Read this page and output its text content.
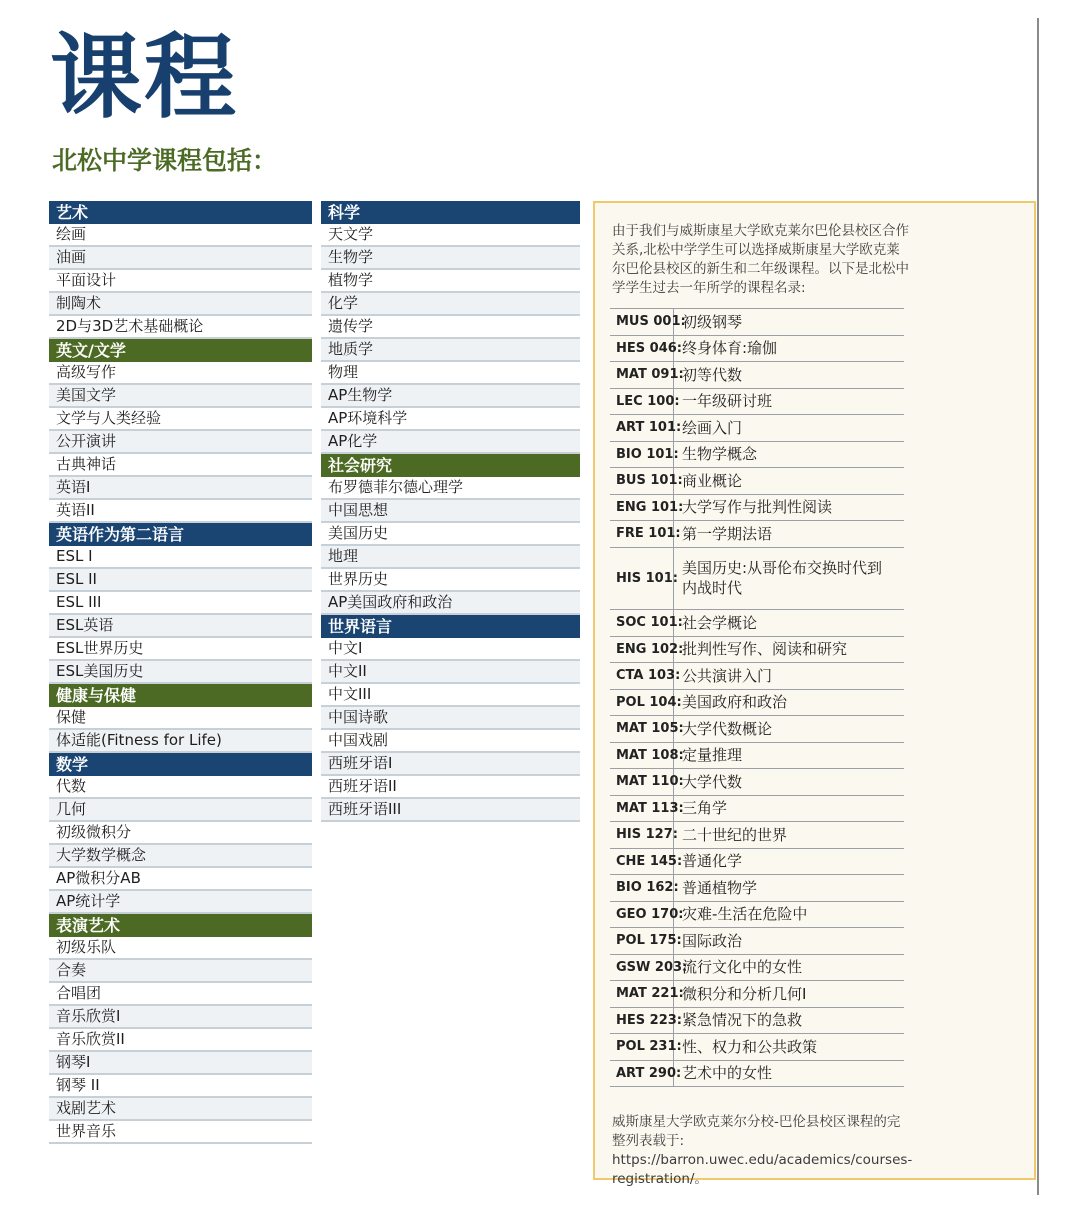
课程
北松中学课程包括：
艺术
绘画
油画
平面设计
制陶术
2D与3D艺术基础概论
英文/文学
高级写作
美国文学
文学与人类经验
公开演讲
古典神话
英语I
英语II
英语作为第二语言
ESL I
ESL II
ESL III
ESL英语
ESL世界历史
ESL美国历史
健康与保健
保健
体适能(Fitness for Life)
数学
代数
几何
初级微积分
大学数学概念
AP微积分AB
AP统计学
表演艺术
初级乐队
合奏
合唱团
音乐欣赏I
音乐欣赏II
钢琴I
钢琴 II
戏剧艺术
世界音乐
科学
天文学
生物学
植物学
化学
遗传学
地质学
物理
AP生物学
AP环境科学
AP化学
社会研究
布罗德菲尔德心理学
中国思想
美国历史
地理
世界历史
AP美国政府和政治
世界语言
中文I
中文II
中文III
中国诗歌
中国戏剧
西班牙语I
西班牙语II
西班牙语III
由于我们与威斯康星大学欧克莱尔巴伦县校区合作关系,北松中学学生可以选择威斯康星大学欧克莱尔巴伦县校区的新生和二年级课程。以下是北松中学学生过去一年所学的课程名录:
MUS 001:
初级钢琴
HES 046: 终身体育:瑜伽
MAT 091:
初等代数
LEC 100: 一年级研讨班
ART 101: 绘画入门
BIO 101: 生物学概念
BUS 101: 商业概论
ENG 101:
大学写作与批判性阅读
FRE 101: 第一学期法语
HIS 101:
美国历史:从哥伦布交换时代到内战时代
SOC 101: 社会学概论
ENG 102:
批判性写作、阅读和研究
CTA 103: 公共演讲入门
POL 104: 美国政府和政治
MAT 105:
大学代数概论
MAT 108:
定量推理
MAT 110:
大学代数
MAT 113:
三角学
HIS 127: 二十世纪的世界
CHE 145: 普通化学
BIO 162: 普通植物学
GEO 170:
灾难-生活在危险中
POL 175: 国际政治
GSW 203:
流行文化中的女性
MAT 221:
微积分和分析几何I
HES 223: 紧急情况下的急救
POL 231: 性、权力和公共政策
ART 290: 艺术中的女性
威斯康星大学欧克莱尔分校-巴伦县校区课程的完整列表载于: https://barron.uwec.edu/academics/courses-registration/。
